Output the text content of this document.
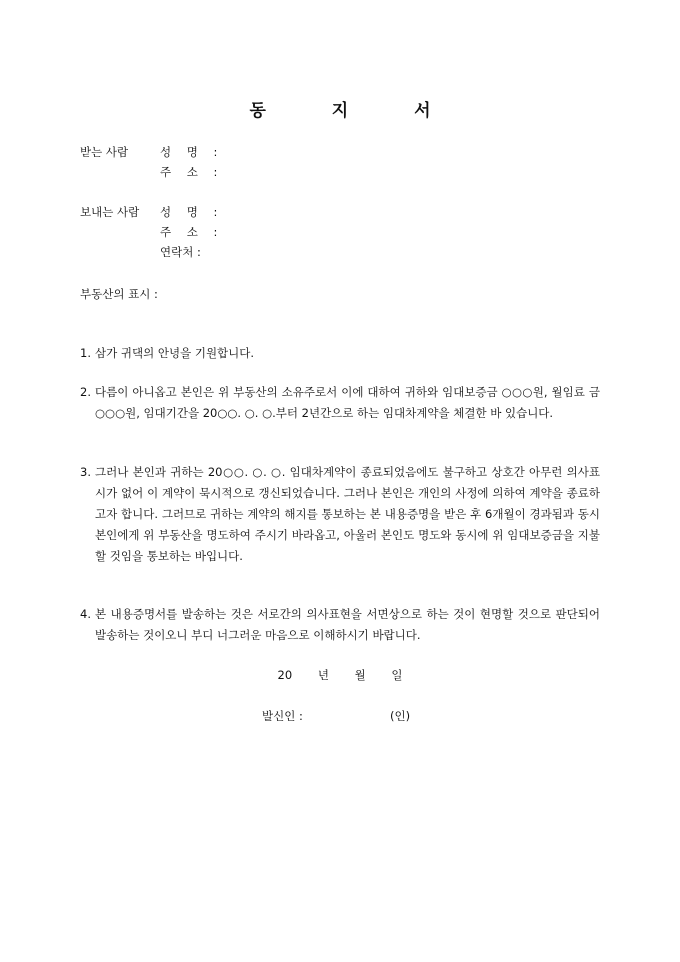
동 지 서
받는 사람	성 명 :
주 소 :
보내는 사람 성 명 :
주 소 :
연락처 :
부동산의 표시 :
1. 삼가 귀댁의 안녕을 기원합니다.
2. 다름이 아니옵고 본인은 위 부동산의 소유주로서 이에 대하여 귀하와 임대보증금 ○○○원, 월임료 금 ○○○원, 임대기간을 20○○. ○. ○.부터 2년간으로 하는 임대차계약을 체결한 바 있습니다.
3. 그러나 본인과 귀하는 20○○. ○. ○. 임대차계약이 종료되었음에도 불구하고 상호간 아무런 의사표시가 없어 이 계약이 묵시적으로 갱신되었습니다. 그러나 본인은 개인의 사정에 의하여 계약을 종료하고자 합니다. 그러므로 귀하는 계약의 해지를 통보하는 본 내용증명을 받은 후 6개월이 경과됨과 동시 본인에게 위 부동산을 명도하여 주시기 바라옵고, 아울러 본인도 명도와 동시에 위 임대보증금을 지불할 것임을 통보하는 바입니다.
4. 본 내용증명서를 발송하는 것은 서로간의 의사표현을 서면상으로 하는 것이 현명할 것으로 판단되어 발송하는 것이오니 부디 너그러운 마음으로 이해하시기 바랍니다.
20 년 월 일
발신인 :	(인)
